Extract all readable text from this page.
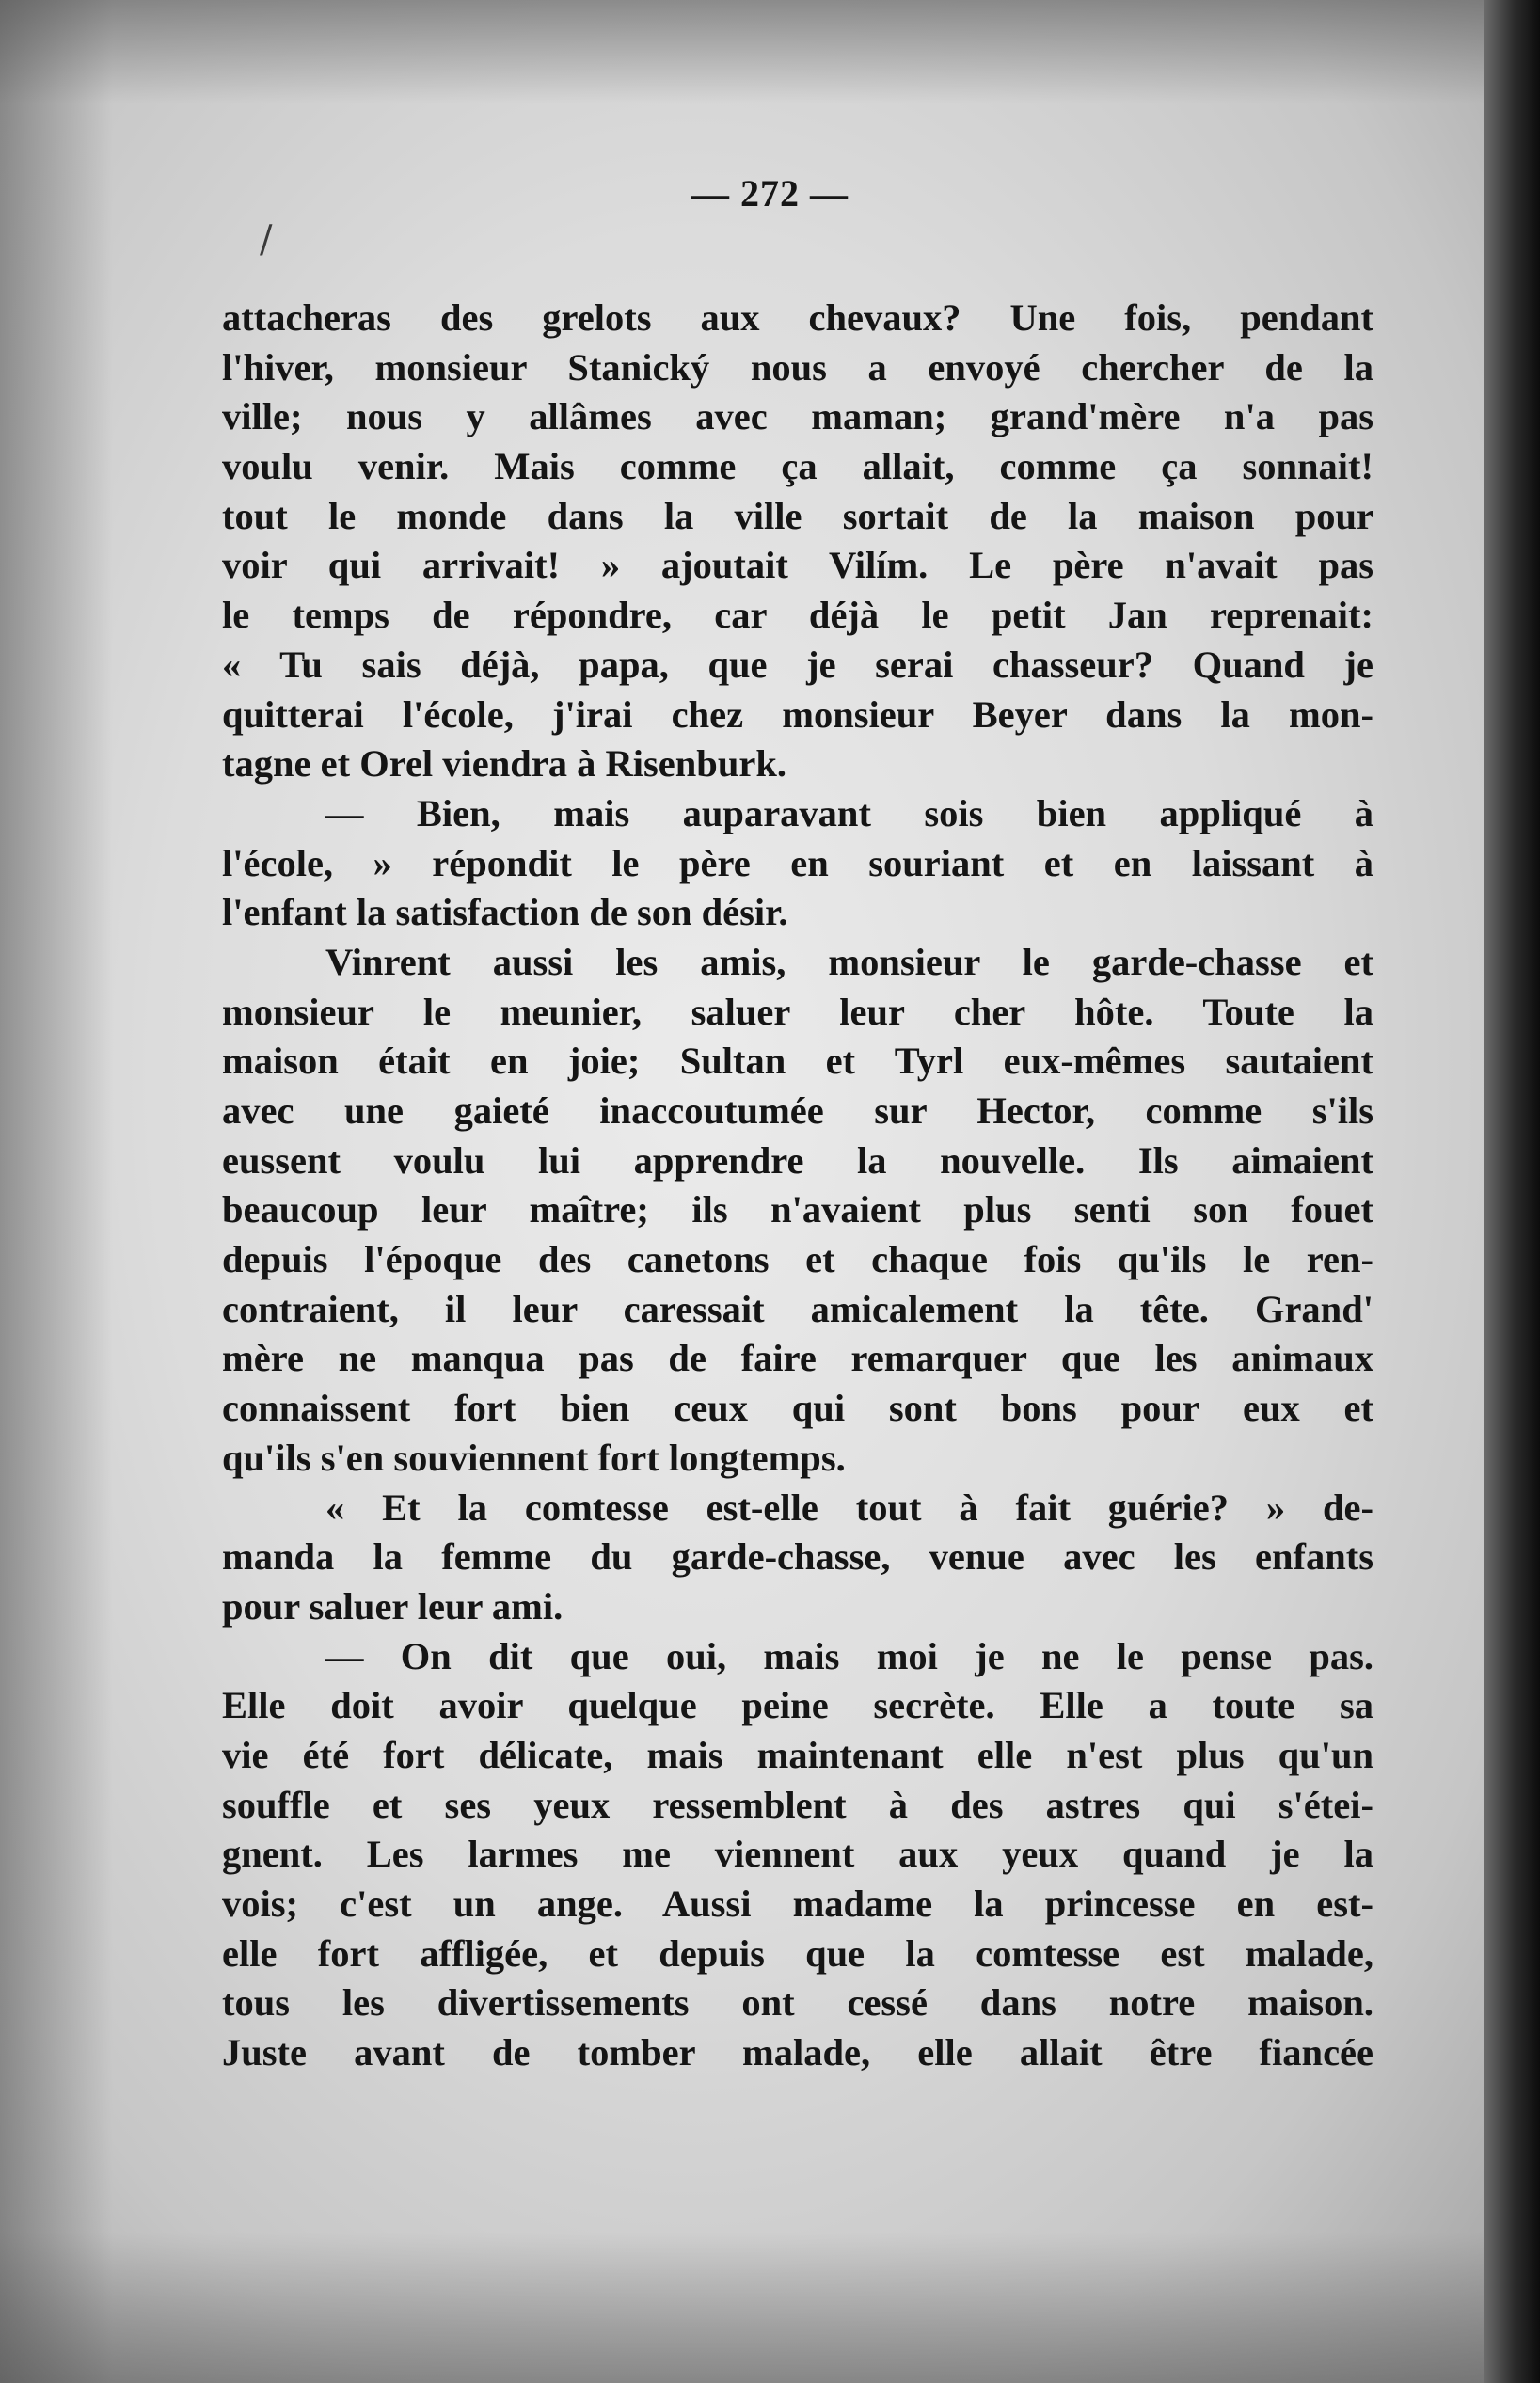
/
— 272 —
attacheras des grelots aux chevaux? Une fois, pendant
l'hiver, monsieur Stanický nous a envoyé chercher de la
ville; nous y allâmes avec maman; grand'mère n'a pas
voulu venir. Mais comme ça allait, comme ça sonnait!
tout le monde dans la ville sortait de la maison pour
voir qui arrivait! » ajoutait Vilím. Le père n'avait pas
le temps de répondre, car déjà le petit Jan reprenait:
« Tu sais déjà, papa, que je serai chasseur? Quand je
quitterai l'école, j'irai chez monsieur Beyer dans la mon-
tagne et Orel viendra à Risenburk.
— Bien, mais auparavant sois bien appliqué à
l'école, » répondit le père en souriant et en laissant à
l'enfant la satisfaction de son désir.
Vinrent aussi les amis, monsieur le garde-chasse et
monsieur le meunier, saluer leur cher hôte. Toute la
maison était en joie; Sultan et Tyrl eux-mêmes sautaient
avec une gaieté inaccoutumée sur Hector, comme s'ils
eussent voulu lui apprendre la nouvelle. Ils aimaient
beaucoup leur maître; ils n'avaient plus senti son fouet
depuis l'époque des canetons et chaque fois qu'ils le ren-
contraient, il leur caressait amicalement la tête. Grand'
mère ne manqua pas de faire remarquer que les animaux
connaissent fort bien ceux qui sont bons pour eux et
qu'ils s'en souviennent fort longtemps.
« Et la comtesse est-elle tout à fait guérie? » de-
manda la femme du garde-chasse, venue avec les enfants
pour saluer leur ami.
— On dit que oui, mais moi je ne le pense pas.
Elle doit avoir quelque peine secrète. Elle a toute sa
vie été fort délicate, mais maintenant elle n'est plus qu'un
souffle et ses yeux ressemblent à des astres qui s'étei-
gnent. Les larmes me viennent aux yeux quand je la
vois; c'est un ange. Aussi madame la princesse en est-
elle fort affligée, et depuis que la comtesse est malade,
tous les divertissements ont cessé dans notre maison.
Juste avant de tomber malade, elle allait être fiancée
